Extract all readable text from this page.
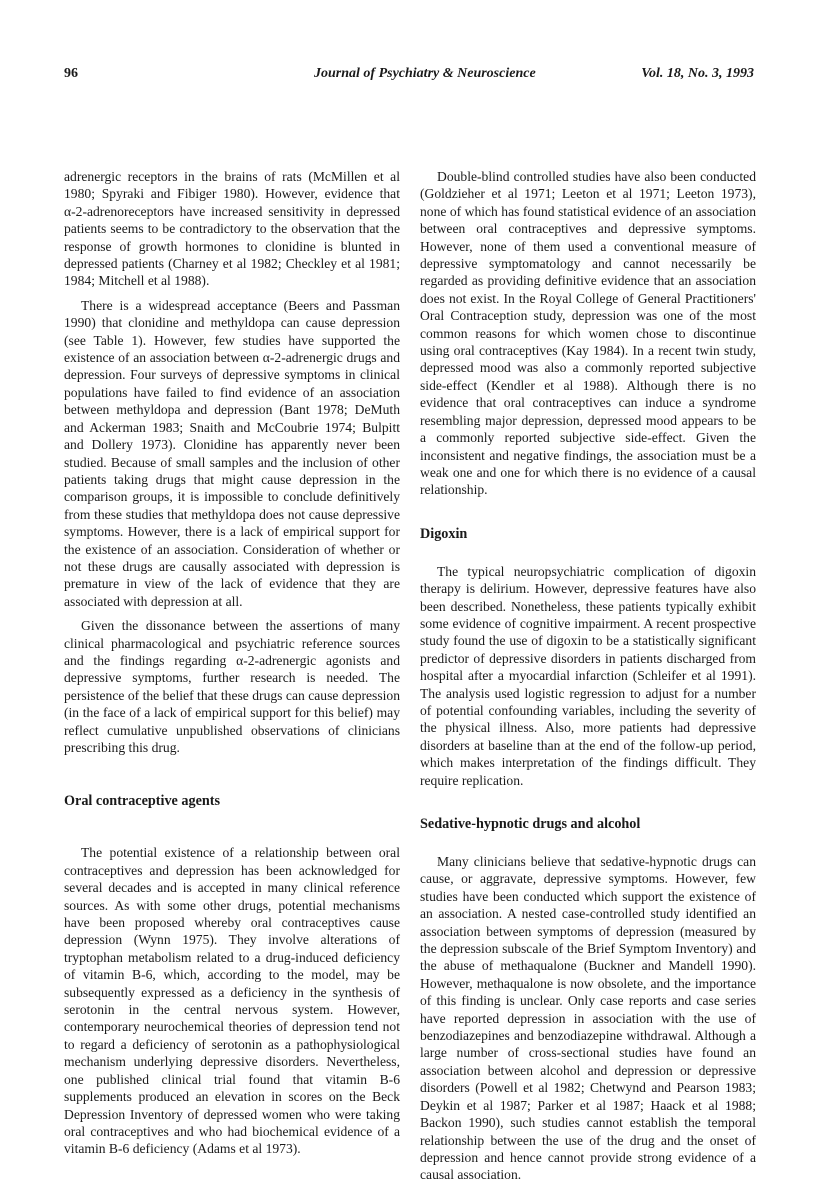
96	Journal of Psychiatry & Neuroscience	Vol. 18, No. 3, 1993

adrenergic receptors in the brains of rats (McMillen et al 1980; Spyraki and Fibiger 1980). However, evidence that α-2-adrenoreceptors have increased sensitivity in depressed patients seems to be contradictory to the observation that the response of growth hormones to clonidine is blunted in depressed patients (Charney et al 1982; Checkley et al 1981; 1984; Mitchell et al 1988).

There is a widespread acceptance (Beers and Passman 1990) that clonidine and methyldopa can cause depression (see Table 1). However, few studies have supported the existence of an association between α-2-adrenergic drugs and depression. Four surveys of depressive symptoms in clinical populations have failed to find evidence of an association between methyldopa and depression (Bant 1978; DeMuth and Ackerman 1983; Snaith and McCoubrie 1974; Bulpitt and Dollery 1973). Clonidine has apparently never been studied. Because of small samples and the inclusion of other patients taking drugs that might cause depression in the comparison groups, it is impossible to conclude definitively from these studies that methyldopa does not cause depressive symptoms. However, there is a lack of empirical support for the existence of an association. Consideration of whether or not these drugs are causally associated with depression is premature in view of the lack of evidence that they are associated with depression at all.

Given the dissonance between the assertions of many clinical pharmacological and psychiatric reference sources and the findings regarding α-2-adrenergic agonists and depressive symptoms, further research is needed. The persistence of the belief that these drugs can cause depression (in the face of a lack of empirical support for this belief) may reflect cumulative unpublished observations of clinicians prescribing this drug.

Oral contraceptive agents

The potential existence of a relationship between oral contraceptives and depression has been acknowledged for several decades and is accepted in many clinical reference sources. As with some other drugs, potential mechanisms have been proposed whereby oral contraceptives cause depression (Wynn 1975). They involve alterations of tryptophan metabolism related to a drug-induced deficiency of vitamin B-6, which, according to the model, may be subsequently expressed as a deficiency in the synthesis of serotonin in the central nervous system. However, contemporary neurochemical theories of depression tend not to regard a deficiency of serotonin as a pathophysiological mechanism underlying depressive disorders. Nevertheless, one published clinical trial found that vitamin B-6 supplements produced an elevation in scores on the Beck Depression Inventory of depressed women who were taking oral contraceptives and who had biochemical evidence of a vitamin B-6 deficiency (Adams et al 1973).

Double-blind controlled studies have also been conducted (Goldzieher et al 1971; Leeton et al 1971; Leeton 1973), none of which has found statistical evidence of an association between oral contraceptives and depressive symptoms. However, none of them used a conventional measure of depressive symptomatology and cannot necessarily be regarded as providing definitive evidence that an association does not exist. In the Royal College of General Practitioners' Oral Contraception study, depression was one of the most common reasons for which women chose to discontinue using oral contraceptives (Kay 1984). In a recent twin study, depressed mood was also a commonly reported subjective side-effect (Kendler et al 1988). Although there is no evidence that oral contraceptives can induce a syndrome resembling major depression, depressed mood appears to be a commonly reported subjective side-effect. Given the inconsistent and negative findings, the association must be a weak one and one for which there is no evidence of a causal relationship.

Digoxin

The typical neuropsychiatric complication of digoxin therapy is delirium. However, depressive features have also been described. Nonetheless, these patients typically exhibit some evidence of cognitive impairment. A recent prospective study found the use of digoxin to be a statistically significant predictor of depressive disorders in patients discharged from hospital after a myocardial infarction (Schleifer et al 1991). The analysis used logistic regression to adjust for a number of potential confounding variables, including the severity of the physical illness. Also, more patients had depressive disorders at baseline than at the end of the follow-up period, which makes interpretation of the findings difficult. They require replication.

Sedative-hypnotic drugs and alcohol

Many clinicians believe that sedative-hypnotic drugs can cause, or aggravate, depressive symptoms. However, few studies have been conducted which support the existence of an association. A nested case-controlled study identified an association between symptoms of depression (measured by the depression subscale of the Brief Symptom Inventory) and the abuse of methaqualone (Buckner and Mandell 1990). However, methaqualone is now obsolete, and the importance of this finding is unclear. Only case reports and case series have reported depression in association with the use of benzodiazepines and benzodiazepine withdrawal. Although a large number of cross-sectional studies have found an association between alcohol and depression or depressive disorders (Powell et al 1982; Chetwynd and Pearson 1983; Deykin et al 1987; Parker et al 1987; Haack et al 1988; Backon 1990), such studies cannot establish the temporal relationship between the use of the drug and the onset of depression and hence cannot provide strong evidence of a causal association.
